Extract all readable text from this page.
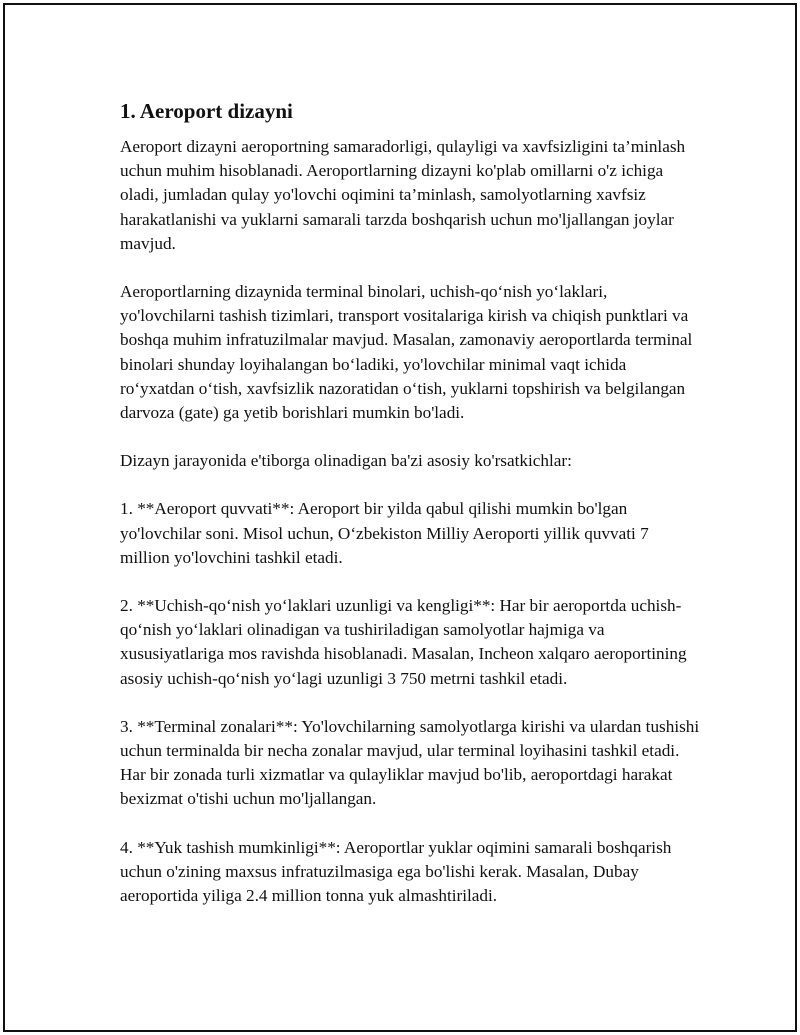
1. Aeroport dizayni

Aeroport dizayni aeroportning samaradorligi, qulayligi va xavfsizligini ta’minlash uchun muhim hisoblanadi. Aeroportlarning dizayni ko'plab omillarni o'z ichiga oladi, jumladan qulay yo'lovchi oqimini ta’minlash, samolyotlarning xavfsiz harakatlanishi va yuklarni samarali tarzda boshqarish uchun mo'ljallangan joylar mavjud.

Aeroportlarning dizaynida terminal binolari, uchish-qoʻnish yoʻlaklari, yo'lovchilarni tashish tizimlari, transport vositalariga kirish va chiqish punktlari va boshqa muhim infratuzilmalar mavjud. Masalan, zamonaviy aeroportlarda terminal binolari shunday loyihalangan boʻladiki, yo'lovchilar minimal vaqt ichida roʻyxatdan oʻtish, xavfsizlik nazoratidan oʻtish, yuklarni topshirish va belgilangan darvoza (gate) ga yetib borishlari mumkin bo'ladi.

Dizayn jarayonida e'tiborga olinadigan ba'zi asosiy ko'rsatkichlar:

1. **Aeroport quvvati**: Aeroport bir yilda qabul qilishi mumkin bo'lgan yo'lovchilar soni. Misol uchun, Oʻzbekiston Milliy Aeroporti yillik quvvati 7 million yo'lovchini tashkil etadi.

2. **Uchish-qoʻnish yoʻlaklari uzunligi va kengligi**: Har bir aeroportda uchish-qoʻnish yoʻlaklari olinadigan va tushiriladigan samolyotlar hajmiga va xususiyatlariga mos ravishda hisoblanadi. Masalan, Incheon xalqaro aeroportining asosiy uchish-qoʻnish yoʻlagi uzunligi 3 750 metrni tashkil etadi.

3. **Terminal zonalari**: Yo'lovchilarning samolyotlarga kirishi va ulardan tushishi uchun terminalda bir necha zonalar mavjud, ular terminal loyihasini tashkil etadi. Har bir zonada turli xizmatlar va qulayliklar mavjud bo'lib, aeroportdagi harakat bexizmat o'tishi uchun mo'ljallangan.

4. **Yuk tashish mumkinligi**: Aeroportlar yuklar oqimini samarali boshqarish uchun o'zining maxsus infratuzilmasiga ega bo'lishi kerak. Masalan, Dubay aeroportida yiliga 2.4 million tonna yuk almashtiriladi.
